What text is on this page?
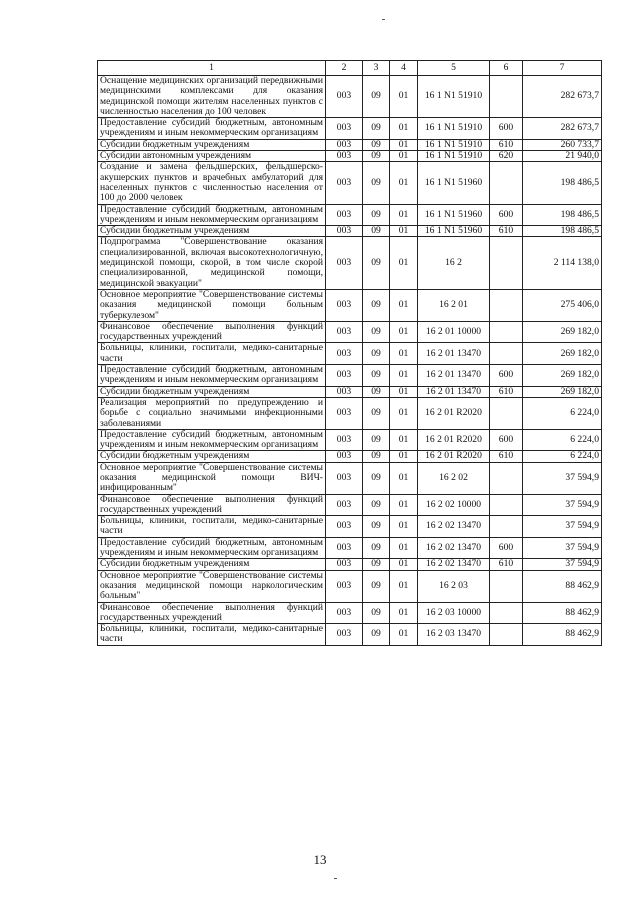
1	2	3	4	5	6	7
Оснащение медицинских организаций передвижными медицинскими комплексами для оказания медицинской помощи жителям населенных пунктов с численностью населения до 100 человек	003	09	01	16 1 N1 51910		282 673,7
Предоставление субсидий бюджетным, автономным учреждениям и иным некоммерческим организациям	003	09	01	16 1 N1 51910	600	282 673,7
Субсидии бюджетным учреждениям	003	09	01	16 1 N1 51910	610	260 733,7
Субсидии автономным учреждениям	003	09	01	16 1 N1 51910	620	21 940,0
Создание и замена фельдшерских, фельдшерско-акушерских пунктов и врачебных амбулаторий для населенных пунктов с численностью населения от 100 до 2000 человек	003	09	01	16 1 N1 51960		198 486,5
Предоставление субсидий бюджетным, автономным учреждениям и иным некоммерческим организациям	003	09	01	16 1 N1 51960	600	198 486,5
Субсидии бюджетным учреждениям	003	09	01	16 1 N1 51960	610	198 486,5
Подпрограмма "Совершенствование оказания специализированной, включая высокотехнологичную, медицинской помощи, скорой, в том числе скорой специализированной, медицинской помощи, медицинской эвакуации"	003	09	01	16 2		2 114 138,0
Основное мероприятие "Совершенствование системы оказания медицинской помощи больным туберкулезом"	003	09	01	16 2 01		275 406,0
Финансовое обеспечение выполнения функций государственных учреждений	003	09	01	16 2 01 10000		269 182,0
Больницы, клиники, госпитали, медико-санитарные части	003	09	01	16 2 01 13470		269 182,0
Предоставление субсидий бюджетным, автономным учреждениям и иным некоммерческим организациям	003	09	01	16 2 01 13470	600	269 182,0
Субсидии бюджетным учреждениям	003	09	01	16 2 01 13470	610	269 182,0
Реализация мероприятий по предупреждению и борьбе с социально значимыми инфекционными заболеваниями	003	09	01	16 2 01 R2020		6 224,0
Предоставление субсидий бюджетным, автономным учреждениям и иным некоммерческим организациям	003	09	01	16 2 01 R2020	600	6 224,0
Субсидии бюджетным учреждениям	003	09	01	16 2 01 R2020	610	6 224,0
Основное мероприятие "Совершенствование системы оказания медицинской помощи ВИЧ-инфицированным"	003	09	01	16 2 02		37 594,9
Финансовое обеспечение выполнения функций государственных учреждений	003	09	01	16 2 02 10000		37 594,9
Больницы, клиники, госпитали, медико-санитарные части	003	09	01	16 2 02 13470		37 594,9
Предоставление субсидий бюджетным, автономным учреждениям и иным некоммерческим организациям	003	09	01	16 2 02 13470	600	37 594,9
Субсидии бюджетным учреждениям	003	09	01	16 2 02 13470	610	37 594,9
Основное мероприятие "Совершенствование системы оказания медицинской помощи наркологическим больным"	003	09	01	16 2 03		88 462,9
Финансовое обеспечение выполнения функций государственных учреждений	003	09	01	16 2 03 10000		88 462,9
Больницы, клиники, госпитали, медико-санитарные части	003	09	01	16 2 03 13470		88 462,9
13
